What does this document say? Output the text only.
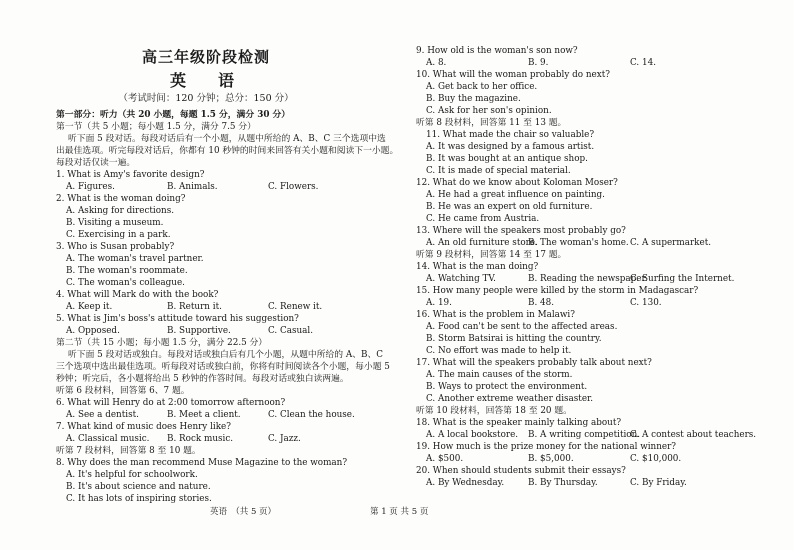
高三年级阶段检测
英　语
（考试时间：120 分钟；总分：150 分）
第一部分：听力（共 20 小题，每题 1.5 分，满分 30 分）
第一节（共 5 小题；每小题 1.5 分，满分 7.5 分）
听下面 5 段对话。每段对话后有一个小题，从题中所给的 A、B、C 三个选项中选
出最佳选项。听完每段对话后，你都有 10 秒钟的时间来回答有关小题和阅读下一小题。
每段对话仅读一遍。
1. What is Amy's favorite design?
A. Figures.	B. Animals.	C. Flowers.
2. What is the woman doing?
A. Asking for directions.
B. Visiting a museum.
C. Exercising in a park.
3. Who is Susan probably?
A. The woman's travel partner.
B. The woman's roommate.
C. The woman's colleague.
4. What will Mark do with the book?
A. Keep it.	B. Return it.	C. Renew it.
5. What is Jim's boss's attitude toward his suggestion?
A. Opposed.	B. Supportive.	C. Casual.
第二节（共 15 小题；每小题 1.5 分，满分 22.5 分）
听下面 5 段对话或独白。每段对话或独白后有几个小题，从题中所给的 A、B、C
三个选项中选出最佳选项。听每段对话或独白前，你将有时间阅读各个小题，每小题 5
秒钟；听完后，各小题将给出 5 秒钟的作答时间。每段对话或独白读两遍。
听第 6 段材料，回答第 6、7 题。
6. What will Henry do at 2:00 tomorrow afternoon?
A. See a dentist.	B. Meet a client.	C. Clean the house.
7. What kind of music does Henry like?
A. Classical music. B. Rock music.	C. Jazz.
听第 7 段材料，回答第 8 至 10 题。
8. Why does the man recommend Muse Magazine to the woman?
A. It's helpful for schoolwork.
B. It's about science and nature.
C. It has lots of inspiring stories.
9. How old is the woman's son now?
A. 8.	B. 9.	C. 14.
10. What will the woman probably do next?
A. Get back to her office.
B. Buy the magazine.
C. Ask for her son's opinion.
听第 8 段材料，回答第 11 至 13 题。
11. What made the chair so valuable?
A. It was designed by a famous artist.
B. It was bought at an antique shop.
C. It is made of special material.
12. What do we know about Koloman Moser?
A. He had a great influence on painting.
B. He was an expert on old furniture.
C. He came from Austria.
13. Where will the speakers most probably go?
A. An old furniture store.
B. The woman's home. C. A supermarket.
听第 9 段材料，回答第 14 至 17 题。
14. What is the man doing?
A. Watching TV.	B. Reading the newspaper.
C. Surfing the Internet.
15. How many people were killed by the storm in Madagascar?
A. 19.	B. 48.	C. 130.
16. What is the problem in Malawi?
A. Food can't be sent to the affected areas.
B. Storm Batsirai is hitting the country.
C. No effort was made to help it.
17. What will the speakers probably talk about next?
A. The main causes of the storm.
B. Ways to protect the environment.
C. Another extreme weather disaster.
听第 10 段材料，回答第 18 至 20 题。
18. What is the speaker mainly talking about?
A. A local bookstore. B. A writing competition.
C. A contest about teachers.
19. How much is the prize money for the national winner?
A. $500.	B. $5,000.	C. $10,000.
20. When should students submit their essays?
A. By Wednesday.	B. By Thursday.	C. By Friday.
英语　（共 5 页）	第 1 页 共 5 页
